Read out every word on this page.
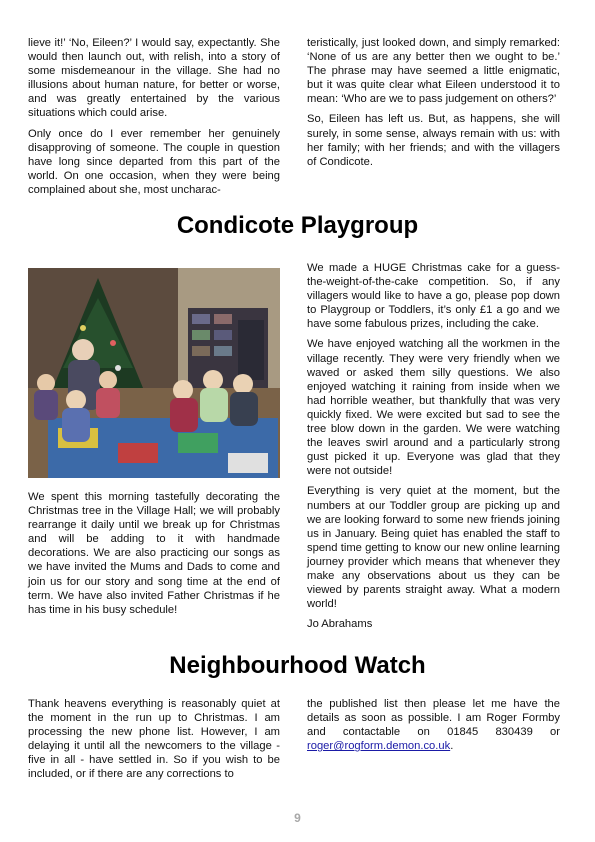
lieve it!’ ‘No, Eileen?’ I would say, expectantly. She would then launch out, with relish, into a story of some misdemeanour in the village. She had no illusions about human nature, for better or worse, and was greatly entertained by the various situations which could arise.

Only once do I ever remember her genuinely disapproving of someone. The couple in question have long since departed from this part of the world. On one occasion, when they were being complained about she, most uncharac-

teristically, just looked down, and simply remarked: ‘None of us are any better then we ought to be.’ The phrase may have seemed a little enigmatic, but it was quite clear what Eileen understood it to mean: ‘Who are we to pass judgement on others?’

So, Eileen has left us. But, as happens, she will surely, in some sense, always remain with us: with her family; with her friends; and with the villagers of Condicote.

Condicote Playgroup

We spent this morning tastefully decorating the Christmas tree in the Village Hall; we will probably rearrange it daily until we break up for Christmas and will be adding to it with handmade decorations. We are also practicing our songs as we have invited the Mums and Dads to come and join us for our story and song time at the end of term. We have also invited Father Christmas if he has time in his busy schedule!

We made a HUGE Christmas cake for a guess-the-weight-of-the-cake competition. So, if any villagers would like to have a go, please pop down to Playgroup or Toddlers, it’s only £1 a go and we have some fabulous prizes, including the cake.

We have enjoyed watching all the workmen in the village recently. They were very friendly when we waved or asked them silly questions. We also enjoyed watching it raining from inside when we had horrible weather, but thankfully that was very quickly fixed. We were excited but sad to see the tree blow down in the garden. We were watching the leaves swirl around and a particularly strong gust picked it up. Everyone was glad that they were not outside!

Everything is very quiet at the moment, but the numbers at our Toddler group are picking up and we are looking forward to some new friends joining us in January. Being quiet has enabled the staff to spend time getting to know our new online learning journey provider which means that whenever they make any observations about us they can be viewed by parents straight away. What a modern world!

Jo Abrahams

Neighbourhood Watch

Thank heavens everything is reasonably quiet at the moment in the run up to Christmas. I am processing the new phone list. However, I am delaying it until all the newcomers to the village - five in all - have settled in. So if you wish to be included, or if there are any corrections to

the published list then please let me have the details as soon as possible. I am Roger Formby and contactable on 01845 830439 or roger@rogform.demon.co.uk.

9
